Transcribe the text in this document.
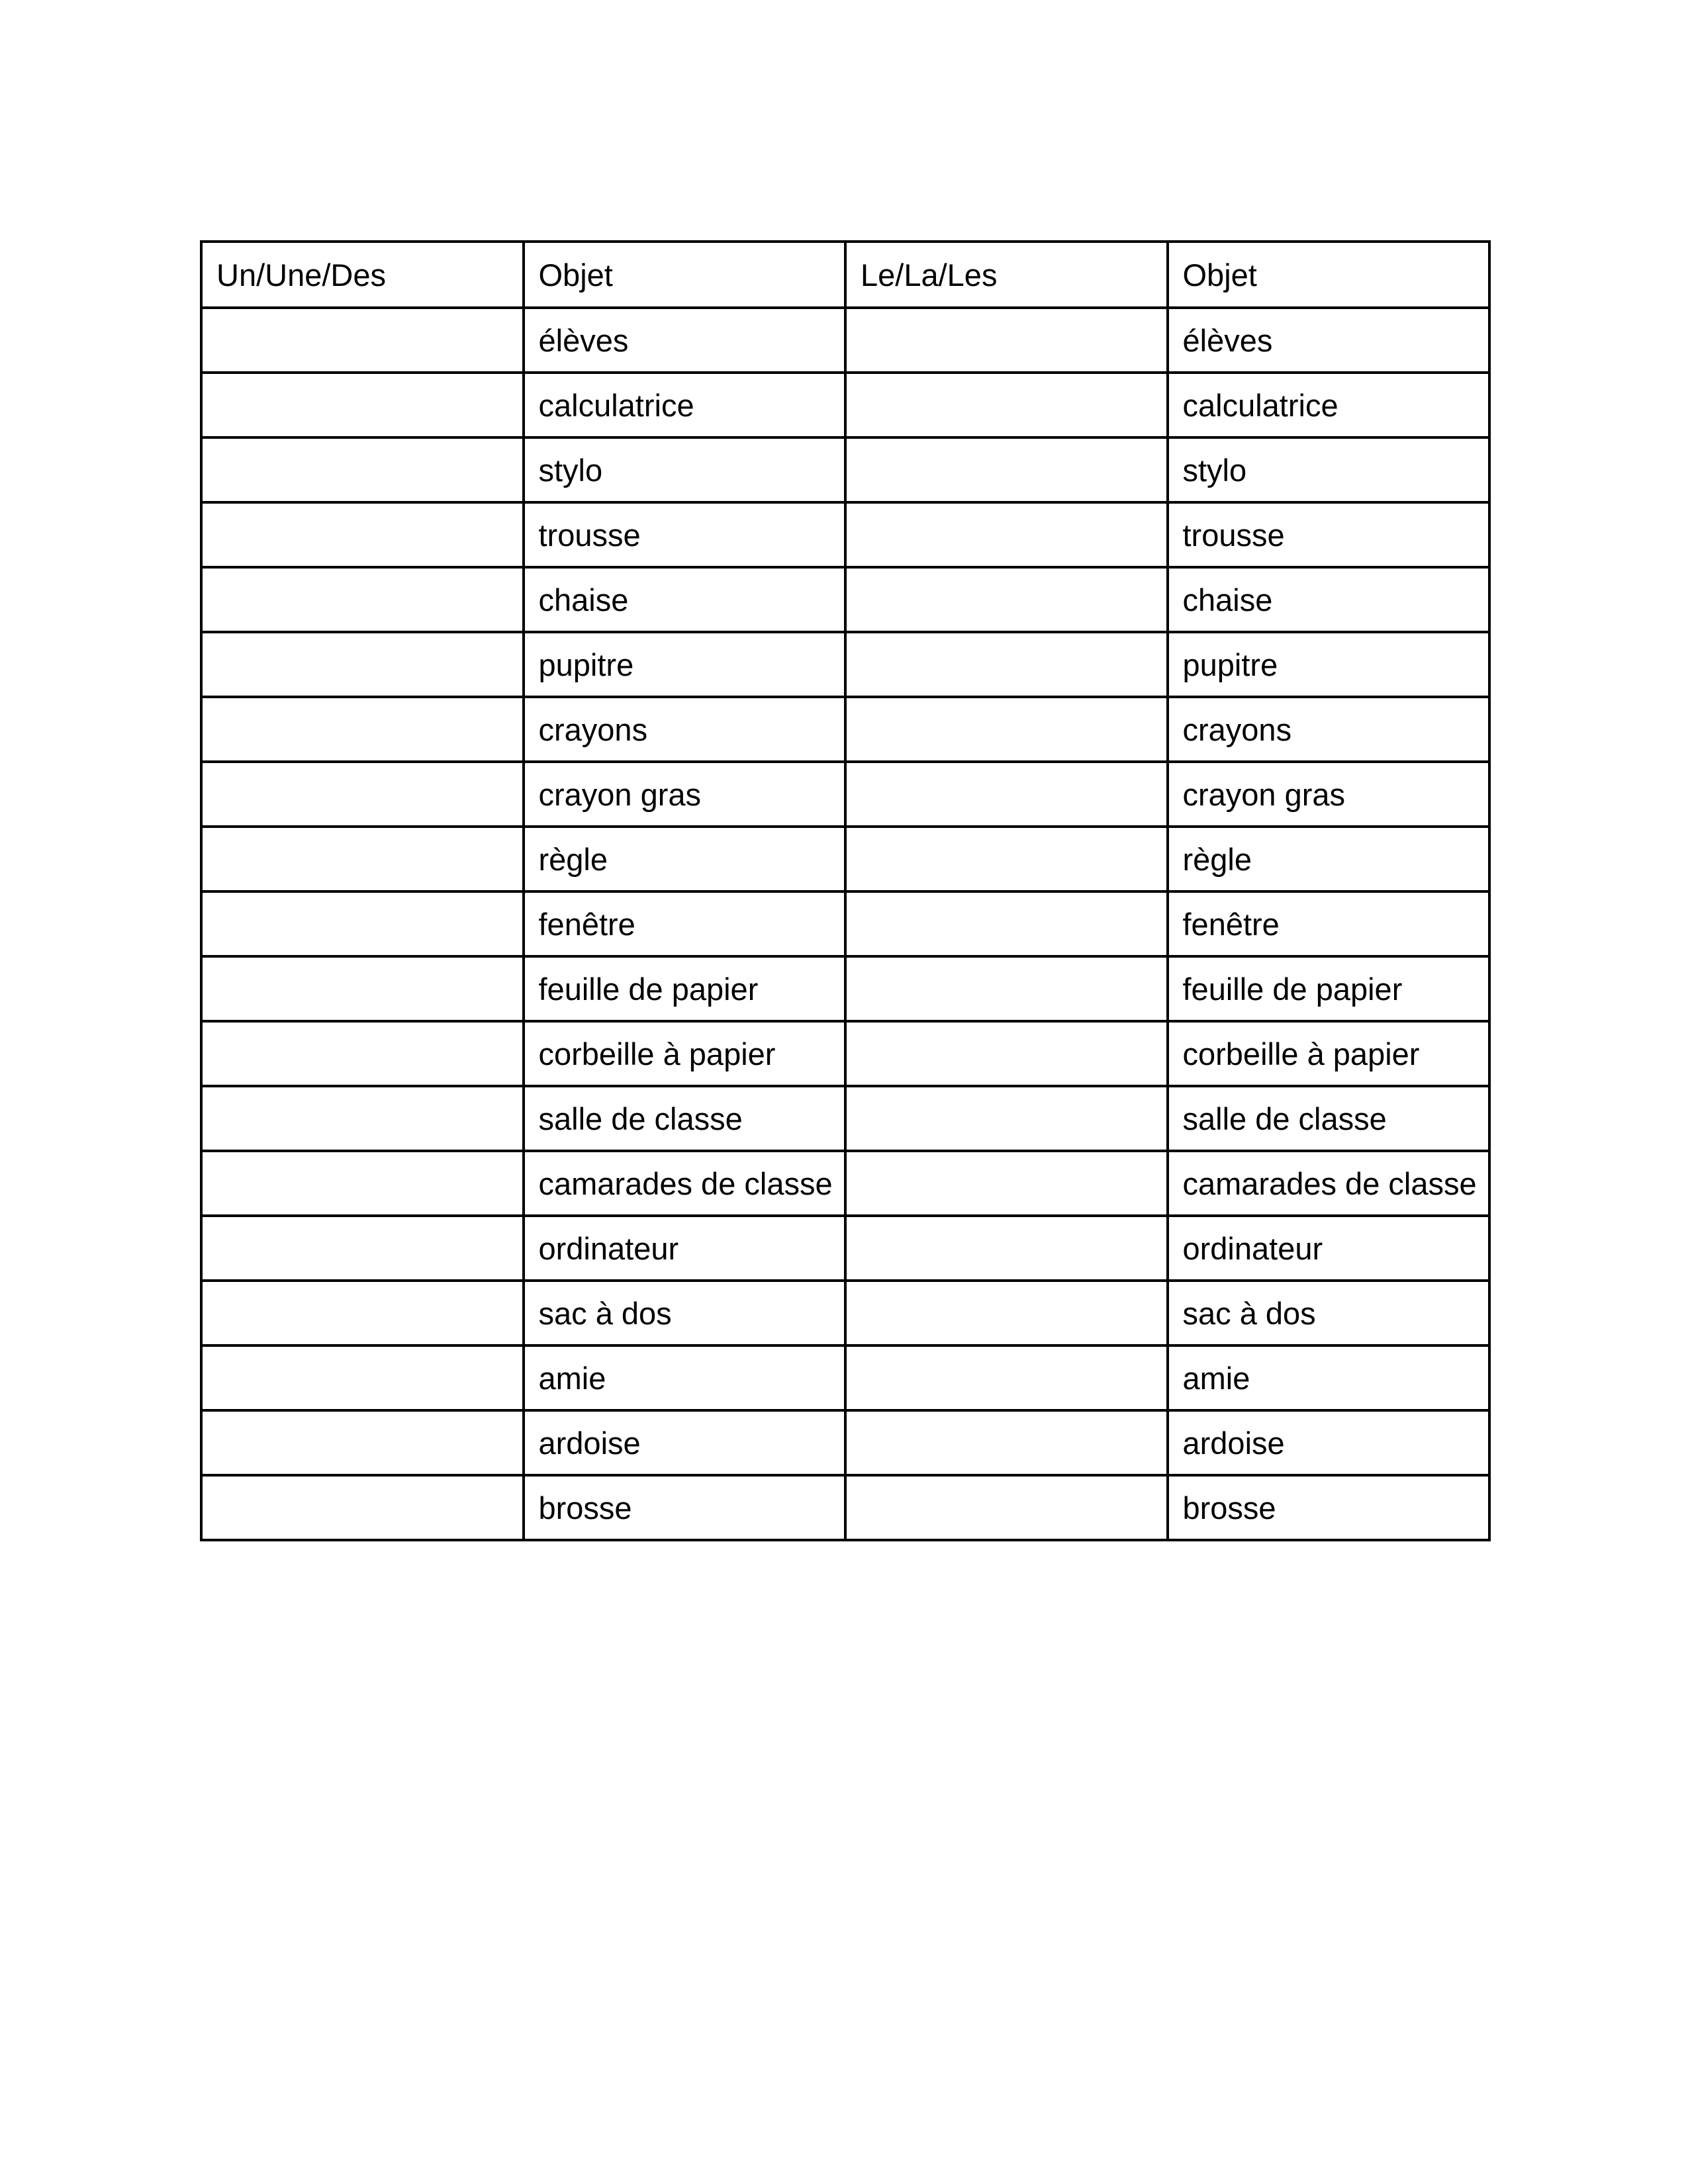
Un/Une/Des	Objet	Le/La/Les	Objet
	élèves		élèves
	calculatrice		calculatrice
	stylo		stylo
	trousse		trousse
	chaise		chaise
	pupitre		pupitre
	crayons		crayons
	crayon gras		crayon gras
	règle		règle
	fenêtre		fenêtre
	feuille de papier		feuille de papier
	corbeille à papier		corbeille à papier
	salle de classe		salle de classe
	camarades de classe		camarades de classe
	ordinateur		ordinateur
	sac à dos		sac à dos
	amie		amie
	ardoise		ardoise
	brosse		brosse
